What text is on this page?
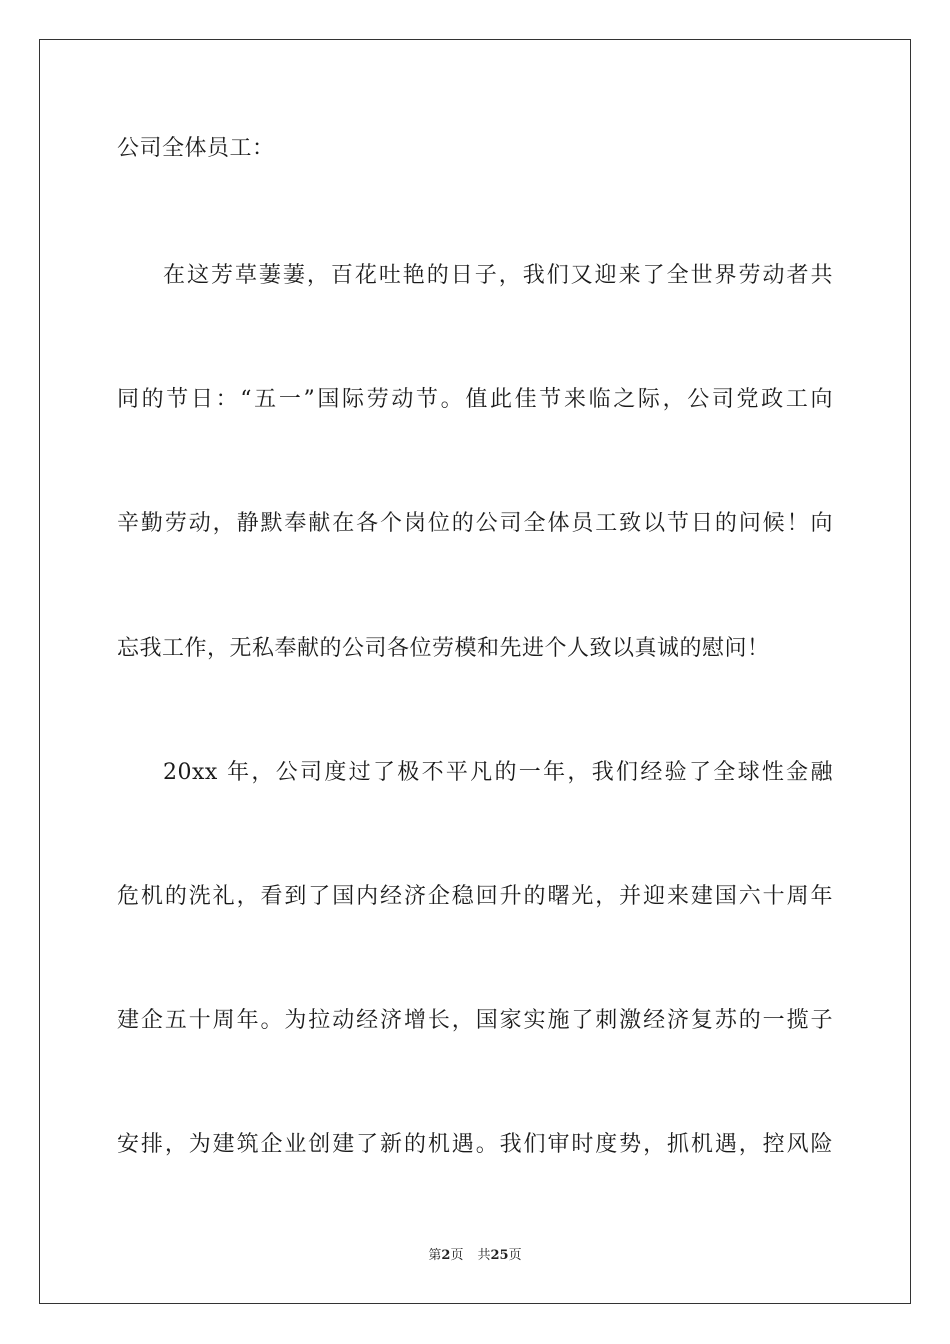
公司全体员工：
在这芳草萋萋，百花吐艳的日子，我们又迎来了全世界劳动者共
同的节日：“五一”国际劳动节。值此佳节来临之际，公司党政工向
辛勤劳动，静默奉献在各个岗位的公司全体员工致以节日的问候！向
忘我工作，无私奉献的公司各位劳模和先进个人致以真诚的慰问！
20xx 年，公司度过了极不平凡的一年，我们经验了全球性金融
危机的洗礼，看到了国内经济企稳回升的曙光，并迎来建国六十周年
建企五十周年。为拉动经济增长，国家实施了刺激经济复苏的一揽子
安排，为建筑企业创建了新的机遇。我们审时度势，抓机遇，控风险
第2页 共25页
